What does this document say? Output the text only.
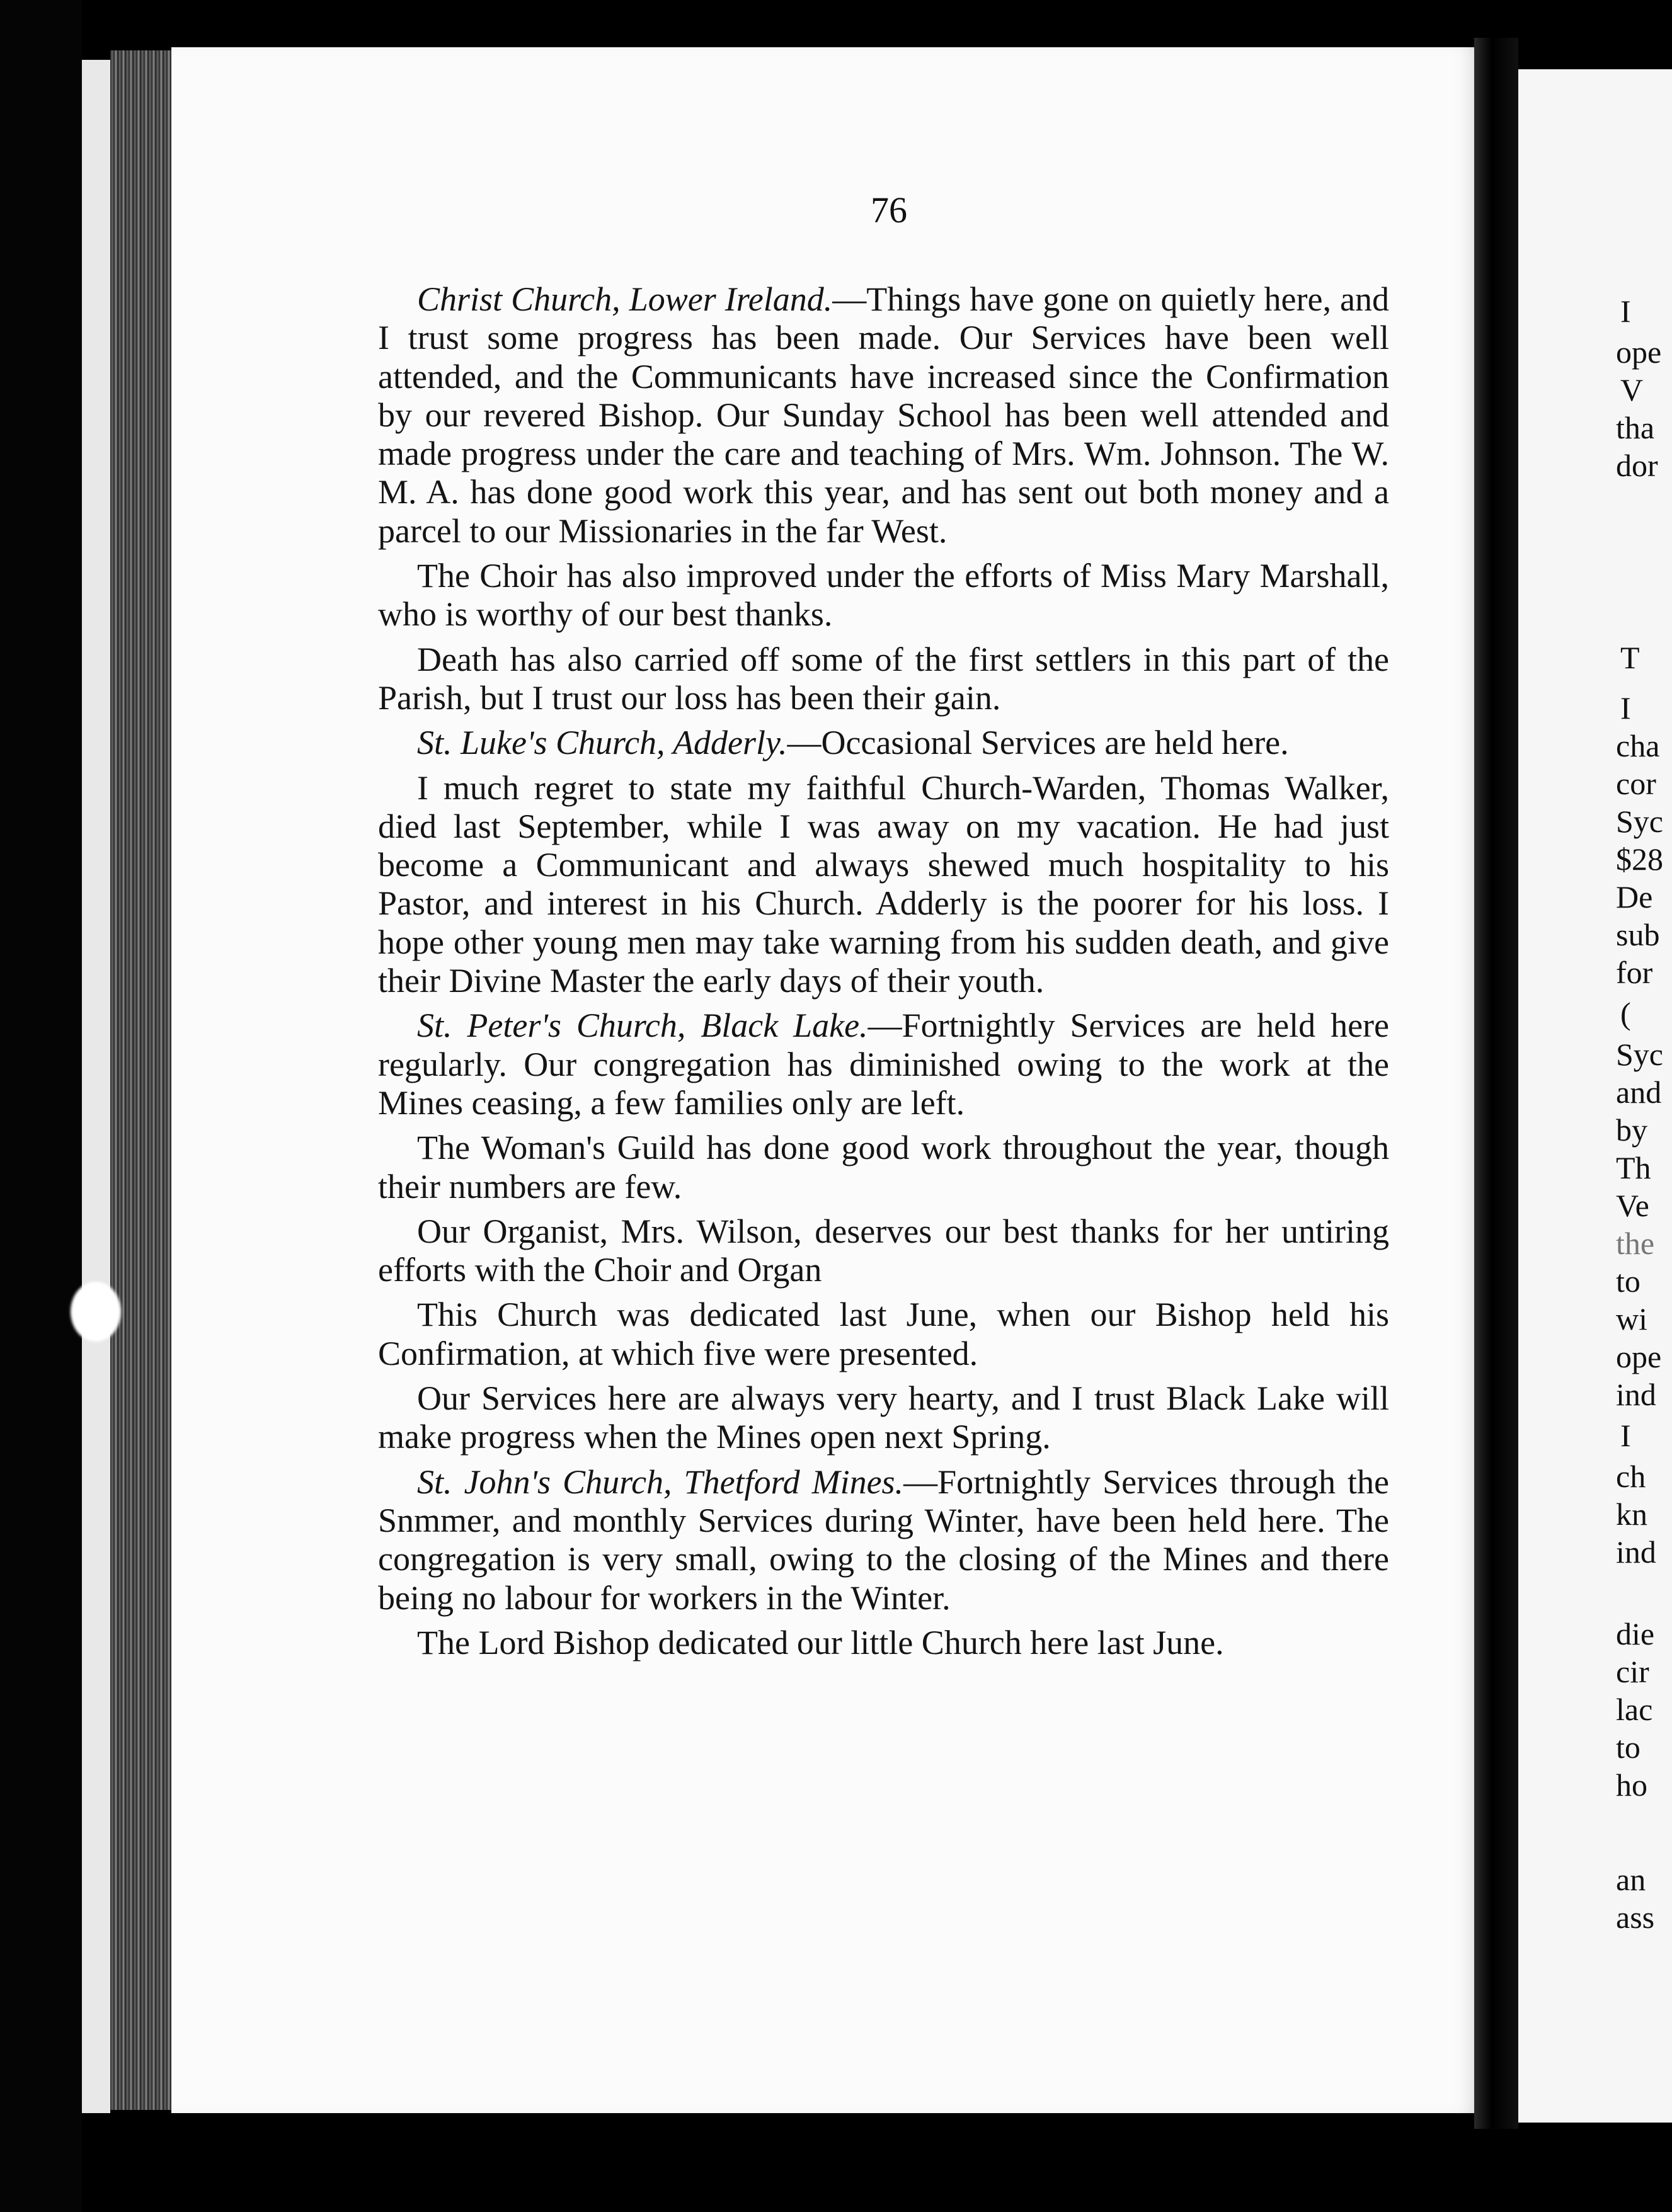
I
ope
V
tha
dor
T
I
cha
cor
Syc
$28
De
sub
for
(
Syc
and
by
Th
Ve
the
to
wi
ope
ind
I
ch
kn
ind
die
cir
lac
to
ho
an
ass
76

Christ Church, Lower Ireland.—Things have gone on quietly here, and I trust some progress has been made. Our Services have been well attended, and the Communicants have increased since the Confirmation by our revered Bishop. Our Sunday School has been well attended and made progress under the care and teaching of Mrs. Wm. Johnson. The W. M. A. has done good work this year, and has sent out both money and a parcel to our Missionaries in the far West.

The Choir has also improved under the efforts of Miss Mary Marshall, who is worthy of our best thanks.

Death has also carried off some of the first settlers in this part of the Parish, but I trust our loss has been their gain.

St. Luke's Church, Adderly.—Occasional Services are held here.

I much regret to state my faithful Church-Warden, Thomas Walker, died last September, while I was away on my vacation. He had just become a Communicant and always shewed much hospitality to his Pastor, and interest in his Church. Adderly is the poorer for his loss. I hope other young men may take warning from his sudden death, and give their Divine Master the early days of their youth.

St. Peter's Church, Black Lake.—Fortnightly Services are held here regularly. Our congregation has diminished owing to the work at the Mines ceasing, a few families only are left.

The Woman's Guild has done good work throughout the year, though their numbers are few.

Our Organist, Mrs. Wilson, deserves our best thanks for her untiring efforts with the Choir and Organ

This Church was dedicated last June, when our Bishop held his Confirmation, at which five were presented.

Our Services here are always very hearty, and I trust Black Lake will make progress when the Mines open next Spring.

St. John's Church, Thetford Mines.—Fortnightly Services through the Snmmer, and monthly Services during Winter, have been held here. The congregation is very small, owing to the closing of the Mines and there being no labour for workers in the Winter.

The Lord Bishop dedicated our little Church here last June.
